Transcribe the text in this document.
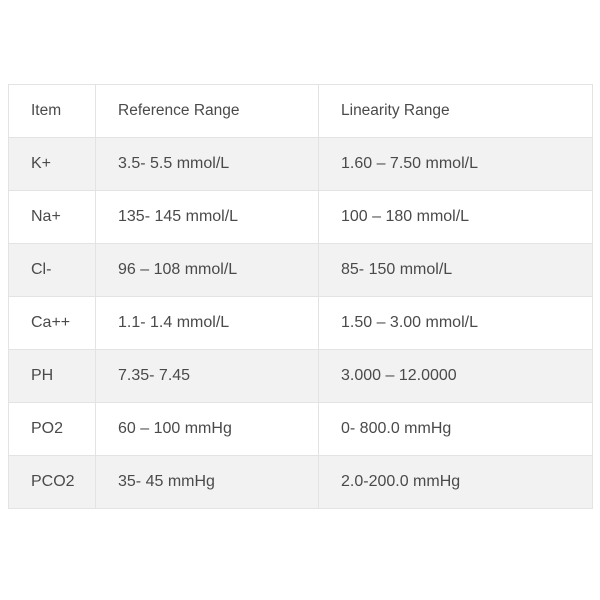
Item	Reference Range	Linearity Range
K+	3.5- 5.5 mmol/L	1.60 – 7.50 mmol/L
Na+	135- 145 mmol/L	100 – 180 mmol/L
Cl-	96 – 108 mmol/L	85- 150 mmol/L
Ca++	1.1- 1.4 mmol/L	1.50 – 3.00 mmol/L
PH	7.35- 7.45	3.000 – 12.0000
PO2	60 – 100 mmHg	0- 800.0 mmHg
PCO2	35- 45 mmHg	2.0-200.0 mmHg
